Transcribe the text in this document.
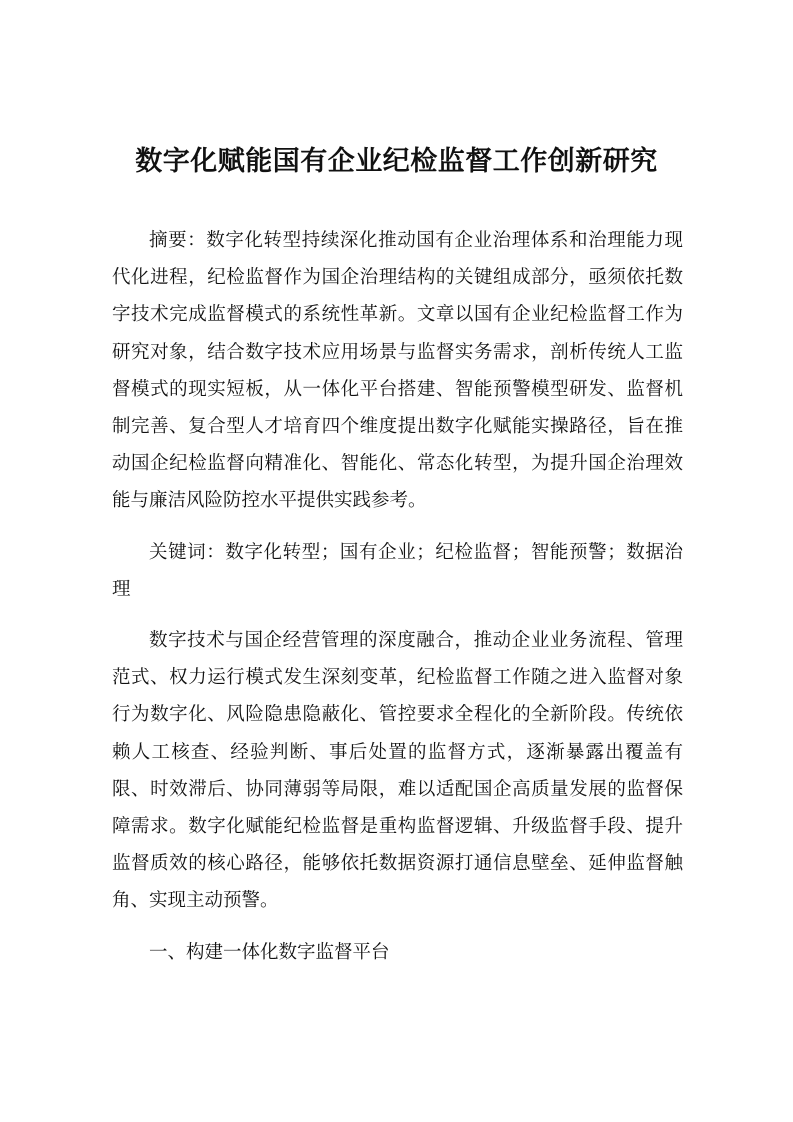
数字化赋能国有企业纪检监督工作创新研究

摘要：数字化转型持续深化推动国有企业治理体系和治理能力现代化进程，纪检监督作为国企治理结构的关键组成部分，亟须依托数字技术完成监督模式的系统性革新。文章以国有企业纪检监督工作为研究对象，结合数字技术应用场景与监督实务需求，剖析传统人工监督模式的现实短板，从一体化平台搭建、智能预警模型研发、监督机制完善、复合型人才培育四个维度提出数字化赋能实操路径，旨在推动国企纪检监督向精准化、智能化、常态化转型，为提升国企治理效能与廉洁风险防控水平提供实践参考。

关键词：数字化转型；国有企业；纪检监督；智能预警；数据治理

数字技术与国企经营管理的深度融合，推动企业业务流程、管理范式、权力运行模式发生深刻变革，纪检监督工作随之进入监督对象行为数字化、风险隐患隐蔽化、管控要求全程化的全新阶段。传统依赖人工核查、经验判断、事后处置的监督方式，逐渐暴露出覆盖有限、时效滞后、协同薄弱等局限，难以适配国企高质量发展的监督保障需求。数字化赋能纪检监督是重构监督逻辑、升级监督手段、提升监督质效的核心路径，能够依托数据资源打通信息壁垒、延伸监督触角、实现主动预警。

一、构建一体化数字监督平台
